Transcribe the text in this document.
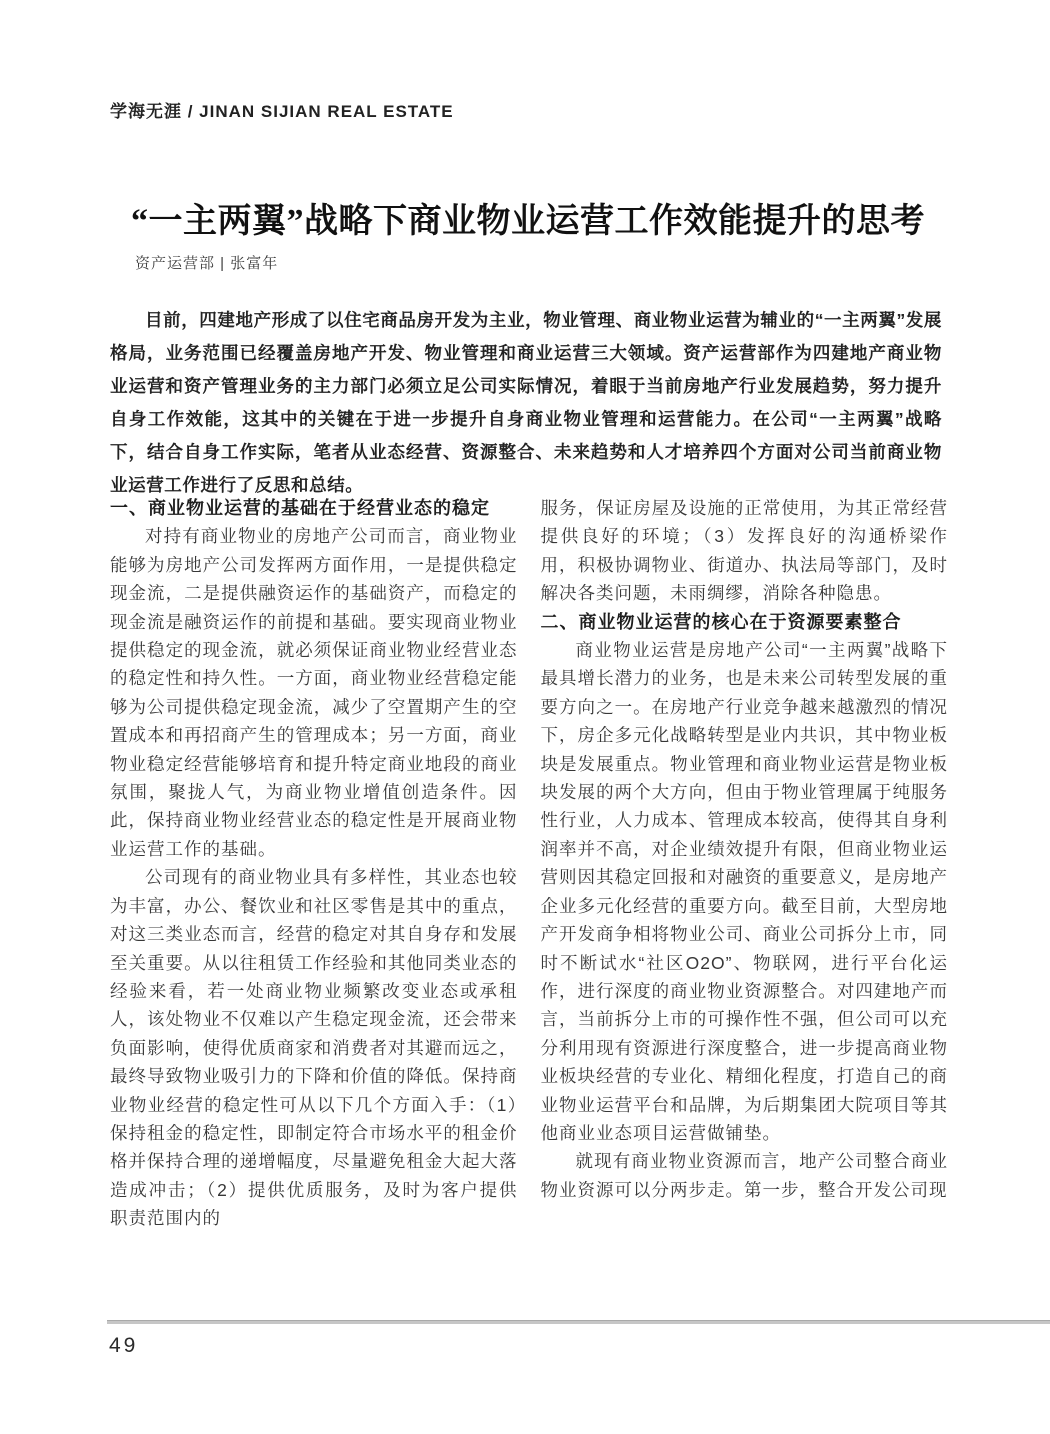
学海无涯 / JINAN SIJIAN REAL ESTATE
“一主两翼”战略下商业物业运营工作效能提升的思考
资产运营部 | 张富年

目前，四建地产形成了以住宅商品房开发为主业，物业管理、商业物业运营为辅业的“一主两翼”发展格局，业务范围已经覆盖房地产开发、物业管理和商业运营三大领域。资产运营部作为四建地产商业物业运营和资产管理业务的主力部门必须立足公司实际情况，着眼于当前房地产行业发展趋势，努力提升自身工作效能，这其中的关键在于进一步提升自身商业物业管理和运营能力。在公司“一主两翼”战略下，结合自身工作实际，笔者从业态经营、资源整合、未来趋势和人才培养四个方面对公司当前商业物业运营工作进行了反思和总结。

一、商业物业运营的基础在于经营业态的稳定

对持有商业物业的房地产公司而言，商业物业能够为房地产公司发挥两方面作用，一是提供稳定现金流，二是提供融资运作的基础资产，而稳定的现金流是融资运作的前提和基础。要实现商业物业提供稳定的现金流，就必须保证商业物业经营业态的稳定性和持久性。一方面，商业物业经营稳定能够为公司提供稳定现金流，减少了空置期产生的空置成本和再招商产生的管理成本；另一方面，商业物业稳定经营能够培育和提升特定商业地段的商业氛围，聚拢人气，为商业物业增值创造条件。因此，保持商业物业经营业态的稳定性是开展商业物业运营工作的基础。

公司现有的商业物业具有多样性，其业态也较为丰富，办公、餐饮业和社区零售是其中的重点，对这三类业态而言，经营的稳定对其自身存和发展至关重要。从以往租赁工作经验和其他同类业态的经验来看，若一处商业物业频繁改变业态或承租人，该处物业不仅难以产生稳定现金流，还会带来负面影响，使得优质商家和消费者对其避而远之，最终导致物业吸引力的下降和价值的降低。保持商业物业经营的稳定性可从以下几个方面入手：（1）保持租金的稳定性，即制定符合市场水平的租金价格并保持合理的递增幅度，尽量避免租金大起大落造成冲击；（2）提供优质服务，及时为客户提供职责范围内的

服务，保证房屋及设施的正常使用，为其正常经营提供良好的环境；（3）发挥良好的沟通桥梁作用，积极协调物业、街道办、执法局等部门，及时解决各类问题，未雨绸缪，消除各种隐患。

二、商业物业运营的核心在于资源要素整合

商业物业运营是房地产公司“一主两翼”战略下最具增长潜力的业务，也是未来公司转型发展的重要方向之一。在房地产行业竞争越来越激烈的情况下，房企多元化战略转型是业内共识，其中物业板块是发展重点。物业管理和商业物业运营是物业板块发展的两个大方向，但由于物业管理属于纯服务性行业，人力成本、管理成本较高，使得其自身利润率并不高，对企业绩效提升有限，但商业物业运营则因其稳定回报和对融资的重要意义，是房地产企业多元化经营的重要方向。截至目前，大型房地产开发商争相将物业公司、商业公司拆分上市，同时不断试水“社区O2O”、物联网，进行平台化运作，进行深度的商业物业资源整合。对四建地产而言，当前拆分上市的可操作性不强，但公司可以充分利用现有资源进行深度整合，进一步提高商业物业板块经营的专业化、精细化程度，打造自己的商业物业运营平台和品牌，为后期集团大院项目等其他商业业态项目运营做铺垫。

就现有商业物业资源而言，地产公司整合商业物业资源可以分两步走。第一步，整合开发公司现

49
